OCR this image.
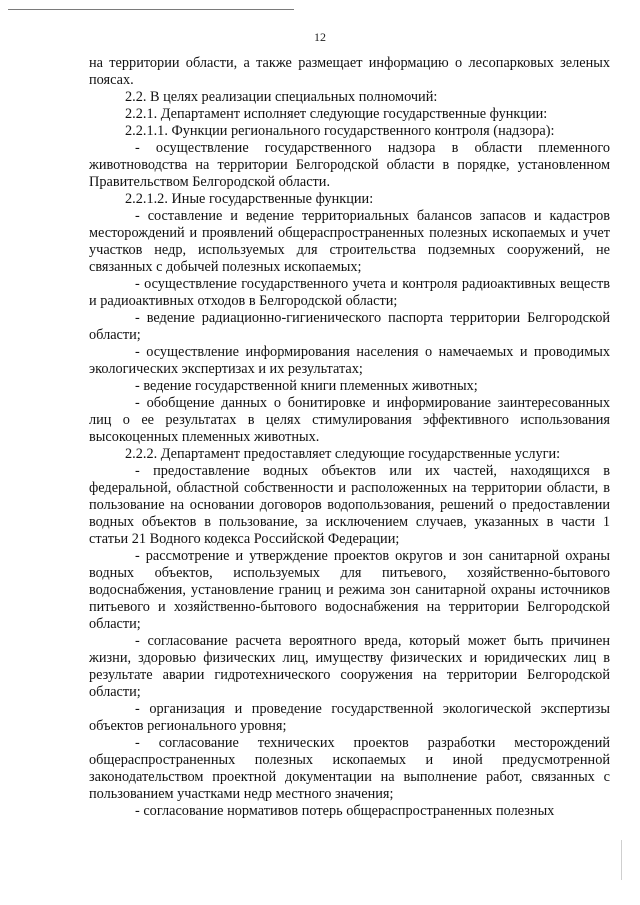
12

на территории области, а также размещает информацию о лесопарковых зеленых поясах.

2.2. В целях реализации специальных полномочий:

2.2.1. Департамент исполняет следующие государственные функции:

2.2.1.1. Функции регионального государственного контроля (надзора):

- осуществление государственного надзора в области племенного животноводства на территории Белгородской области в порядке, установленном Правительством Белгородской области.

2.2.1.2. Иные государственные функции:

- составление и ведение территориальных балансов запасов и кадастров месторождений и проявлений общераспространенных полезных ископаемых и учет участков недр, используемых для строительства подземных сооружений, не связанных с добычей полезных ископаемых;

- осуществление государственного учета и контроля радиоактивных веществ и радиоактивных отходов в Белгородской области;

- ведение радиационно-гигиенического паспорта территории Белгородской области;

- осуществление информирования населения о намечаемых и проводимых экологических экспертизах и их результатах;

- ведение государственной книги племенных животных;

- обобщение данных о бонитировке и информирование заинтересованных лиц о ее результатах в целях стимулирования эффективного использования высокоценных племенных животных.

2.2.2. Департамент предоставляет следующие государственные услуги:

- предоставление водных объектов или их частей, находящихся в федеральной, областной собственности и расположенных на территории области, в пользование на основании договоров водопользования, решений о предоставлении водных объектов в пользование, за исключением случаев, указанных в части 1 статьи 21 Водного кодекса Российской Федерации;

- рассмотрение и утверждение проектов округов и зон санитарной охраны водных объектов, используемых для питьевого, хозяйственно-бытового водоснабжения, установление границ и режима зон санитарной охраны источников питьевого и хозяйственно-бытового водоснабжения на территории Белгородской области;

- согласование расчета вероятного вреда, который может быть причинен жизни, здоровью физических лиц, имуществу физических и юридических лиц в результате аварии гидротехнического сооружения на территории Белгородской области;

- организация и проведение государственной экологической экспертизы объектов регионального уровня;

- согласование технических проектов разработки месторождений общераспространенных полезных ископаемых и иной предусмотренной законодательством проектной документации на выполнение работ, связанных с пользованием участками недр местного значения;

- согласование нормативов потерь общераспространенных полезных
